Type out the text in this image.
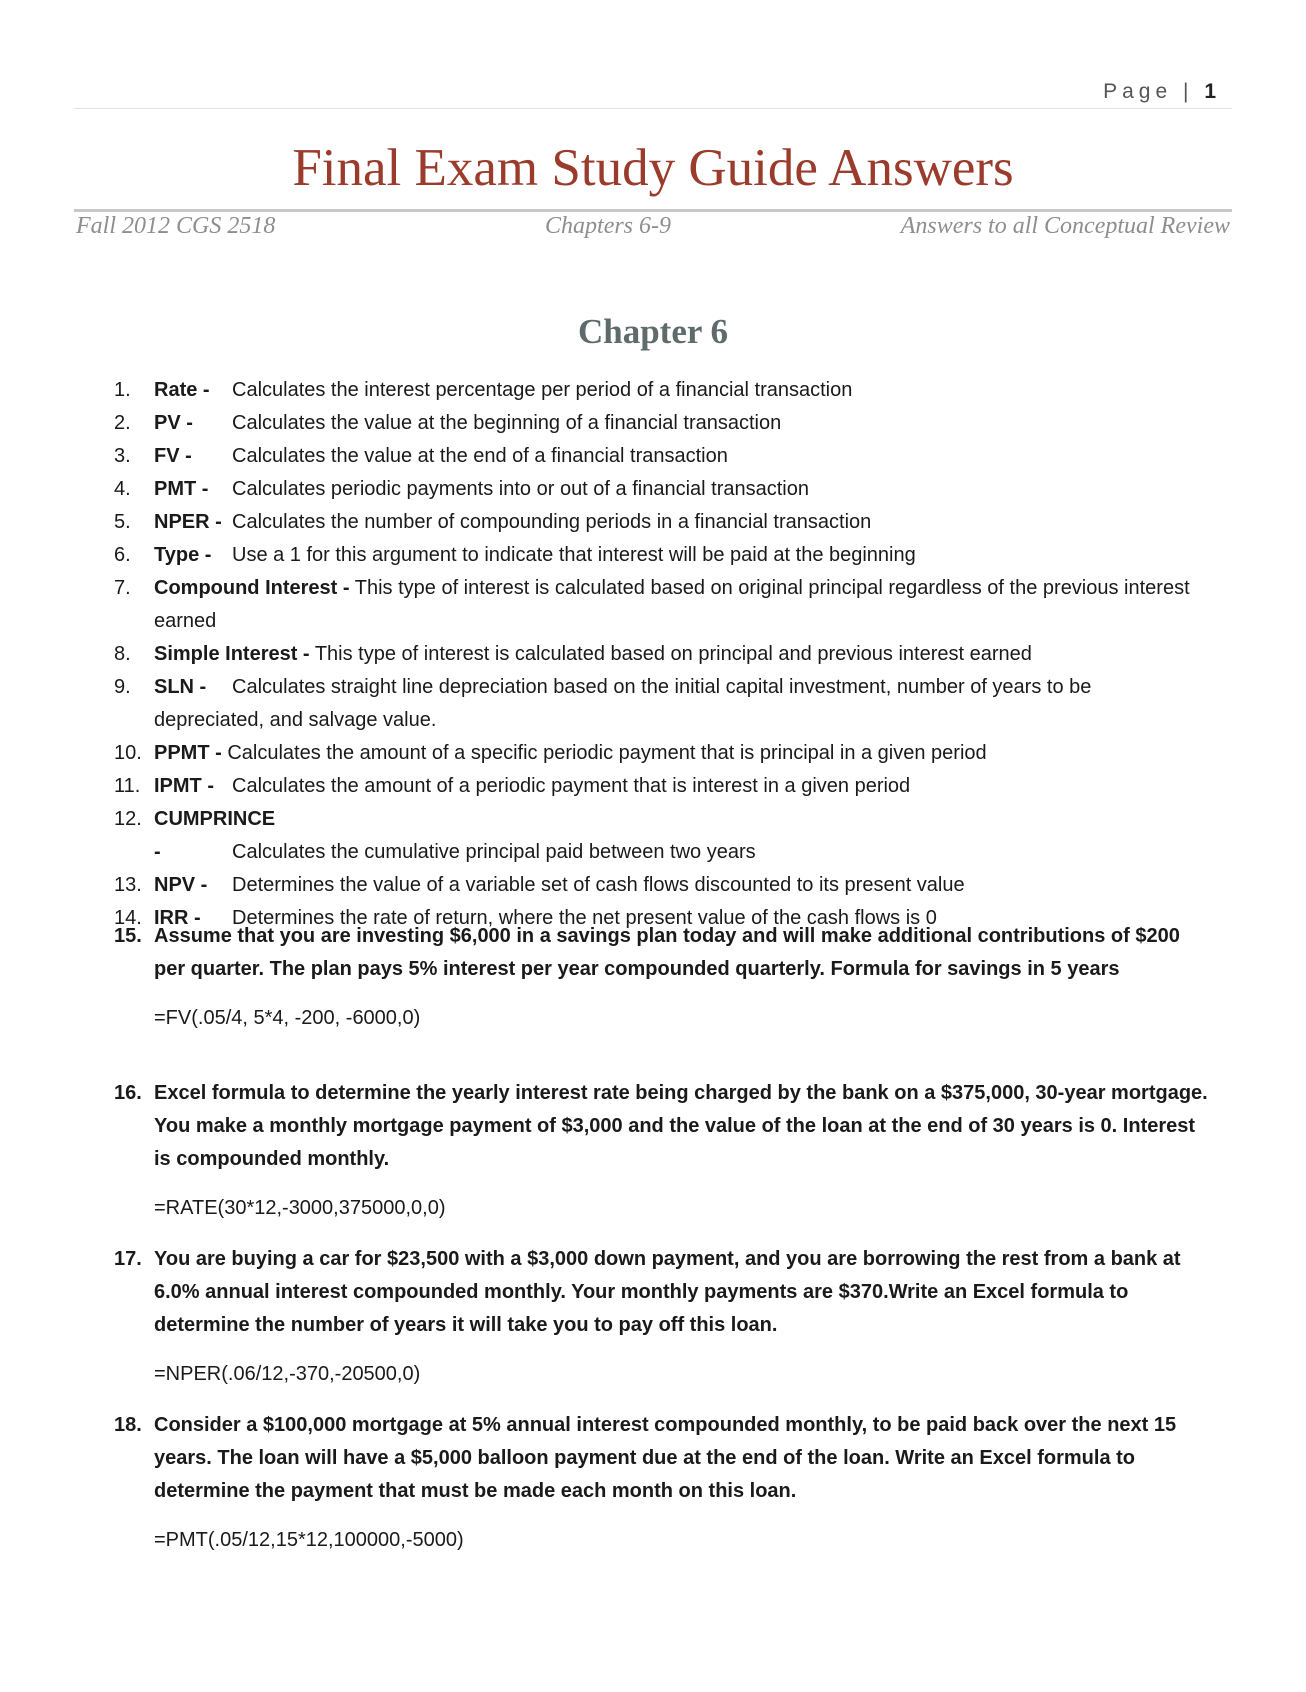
Page | 1
Final Exam Study Guide Answers
Fall 2012 CGS 2518	Chapters 6-9	Answers to all Conceptual Review
Chapter 6
1.	Rate - Calculates the interest percentage per period of a financial transaction
2.	PV - Calculates the value at the beginning of a financial transaction
3.	FV - Calculates the value at the end of a financial transaction
4.	PMT - Calculates periodic payments into or out of a financial transaction
5.	NPER - Calculates the number of compounding periods in a financial transaction
6.	Type - Use a 1 for this argument to indicate that interest will be paid at the beginning
7.	Compound Interest - This type of interest is calculated based on original principal regardless of the previous interest earned
8.	Simple Interest - This type of interest is calculated based on principal and previous interest earned
9.	SLN - Calculates straight line depreciation based on the initial capital investment, number of years to be depreciated, and salvage value.
10. PPMT - Calculates the amount of a specific periodic payment that is principal in a given period
11. IPMT - Calculates the amount of a periodic payment that is interest in a given period
12. CUMPRINCE -	Calculates the cumulative principal paid between two years
13. NPV - Determines the value of a variable set of cash flows discounted to its present value
14. IRR - Determines the rate of return, where the net present value of the cash flows is 0
15. Assume that you are investing $6,000 in a savings plan today and will make additional contributions of $200 per quarter. The plan pays 5% interest per year compounded quarterly. Formula for savings in 5 years
=FV(.05/4, 5*4, -200, -6000,0)
16. Excel formula to determine the yearly interest rate being charged by the bank on a $375,000, 30-year mortgage. You make a monthly mortgage payment of $3,000 and the value of the loan at the end of 30 years is 0. Interest is compounded monthly.
=RATE(30*12,-3000,375000,0,0)
17. You are buying a car for $23,500 with a $3,000 down payment, and you are borrowing the rest from a bank at 6.0% annual interest compounded monthly. Your monthly payments are $370.Write an Excel formula to determine the number of years it will take you to pay off this loan.
=NPER(.06/12,-370,-20500,0)
18. Consider a $100,000 mortgage at 5% annual interest compounded monthly, to be paid back over the next 15 years. The loan will have a $5,000 balloon payment due at the end of the loan. Write an Excel formula to determine the payment that must be made each month on this loan.
=PMT(.05/12,15*12,100000,-5000)
